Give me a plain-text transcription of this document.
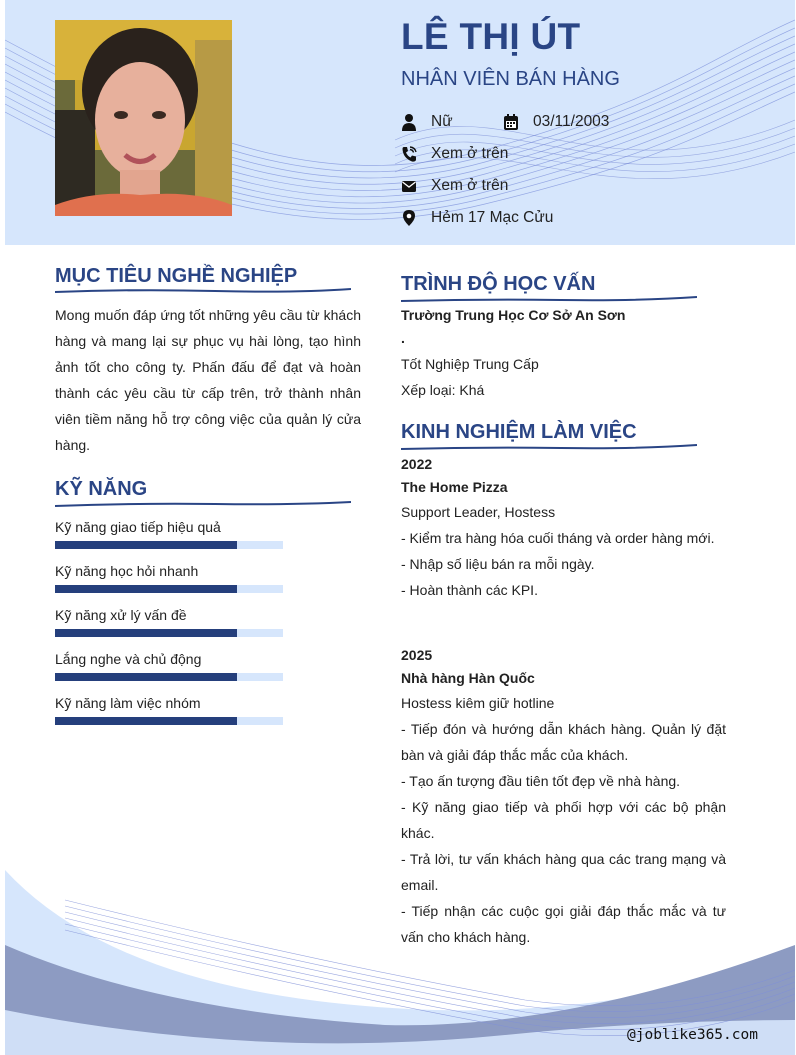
LÊ THỊ ÚT
NHÂN VIÊN BÁN HÀNG
Nữ	03/11/2003
Xem ở trên
Xem ở trên
Hẻm 17 Mạc Cửu
MỤC TIÊU NGHỀ NGHIỆP

Mong muốn đáp ứng tốt những yêu cầu từ khách hàng và mang lại sự phục vụ hài lòng, tạo hình ảnh tốt cho công ty. Phấn đấu để đạt và hoàn thành các yêu cầu từ cấp trên, trở thành nhân viên tiềm năng hỗ trợ công việc của quản lý cửa hàng.

KỸ NĂNG
Kỹ năng giao tiếp hiệu quả
Kỹ năng học hỏi nhanh
Kỹ năng xử lý vấn đề
Lắng nghe và chủ động
Kỹ năng làm việc nhóm
TRÌNH ĐỘ HỌC VẤN
Trường Trung Học Cơ Sở An Sơn
.
Tốt Nghiệp Trung Cấp
Xếp loại: Khá
KINH NGHIỆM LÀM VIỆC
2022
The Home Pizza
Support Leader, Hostess
- Kiểm tra hàng hóa cuối tháng và order hàng mới.
- Nhập số liệu bán ra mỗi ngày.
- Hoàn thành các KPI.
2025
Nhà hàng Hàn Quốc
Hostess kiêm giữ hotline
- Tiếp đón và hướng dẫn khách hàng. Quản lý đặt bàn và giải đáp thắc mắc của khách.
- Tạo ấn tượng đầu tiên tốt đẹp về nhà hàng.
- Kỹ năng giao tiếp và phối hợp với các bộ phận khác.
- Trả lời, tư vấn khách hàng qua các trang mạng và email.
- Tiếp nhận các cuộc gọi giải đáp thắc mắc và tư vấn cho khách hàng.
@joblike365.com
